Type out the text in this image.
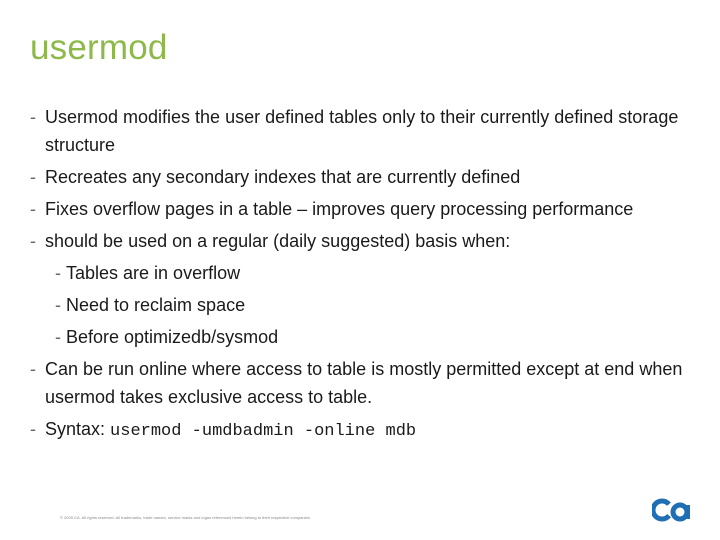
usermod
- Usermod modifies the user defined tables only to their currently defined storage structure
- Recreates any secondary indexes that are currently defined
- Fixes overflow pages in a table – improves query processing performance
- should be used on a regular (daily suggested) basis when:
- Tables are in overflow
- Need to reclaim space
- Before optimizedb/sysmod
- Can be run online where access to table is mostly permitted except at end when usermod takes exclusive access to table.
- Syntax: usermod -umdbadmin -online mdb
© 2009 CA. All rights reserved. All trademarks, trade names, service marks and logos referenced herein belong to their respective companies.
